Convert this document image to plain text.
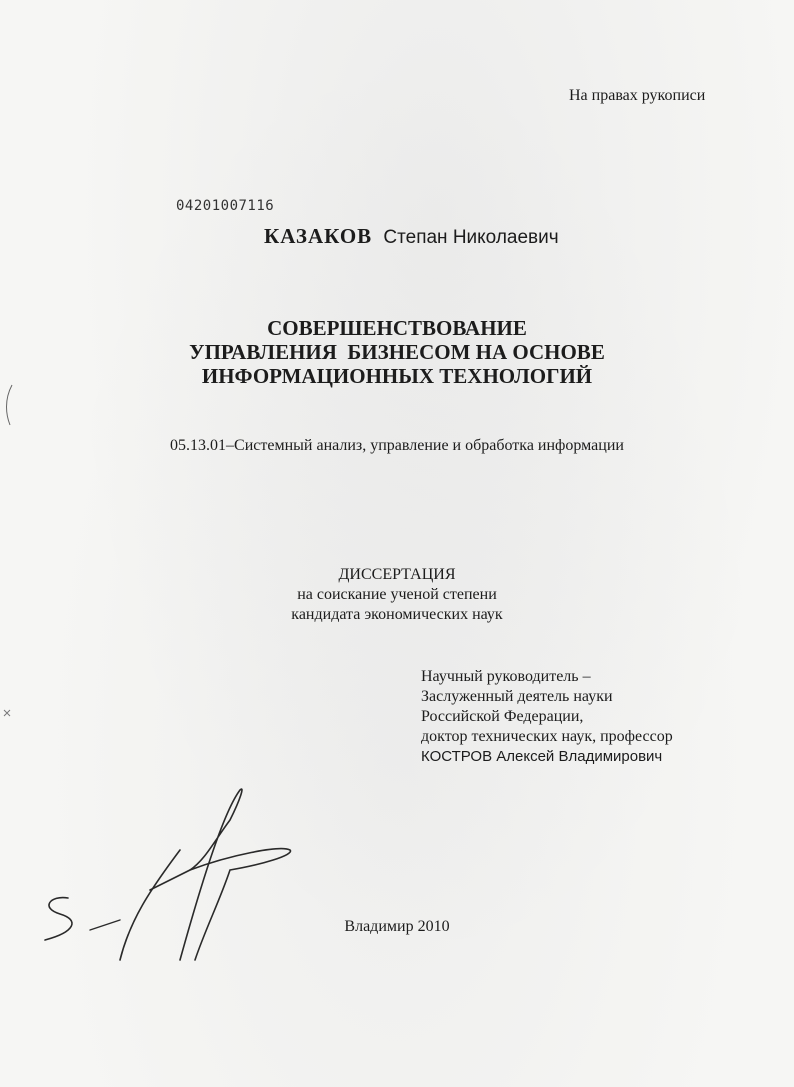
На правах рукописи
04201007116
КАЗАКОВ Степан Николаевич
СОВЕРШЕНСТВОВАНИЕ
УПРАВЛЕНИЯ  БИЗНЕСОМ НА ОСНОВЕ
ИНФОРМАЦИОННЫХ ТЕХНОЛОГИЙ
05.13.01–Системный анализ, управление и обработка информации
ДИССЕРТАЦИЯ
на соискание ученой степени
кандидата экономических наук
Научный руководитель –
Заслуженный деятель науки
Российской Федерации,
доктор технических наук, профессор
КОСТРОВ Алексей Владимирович
Владимир 2010
